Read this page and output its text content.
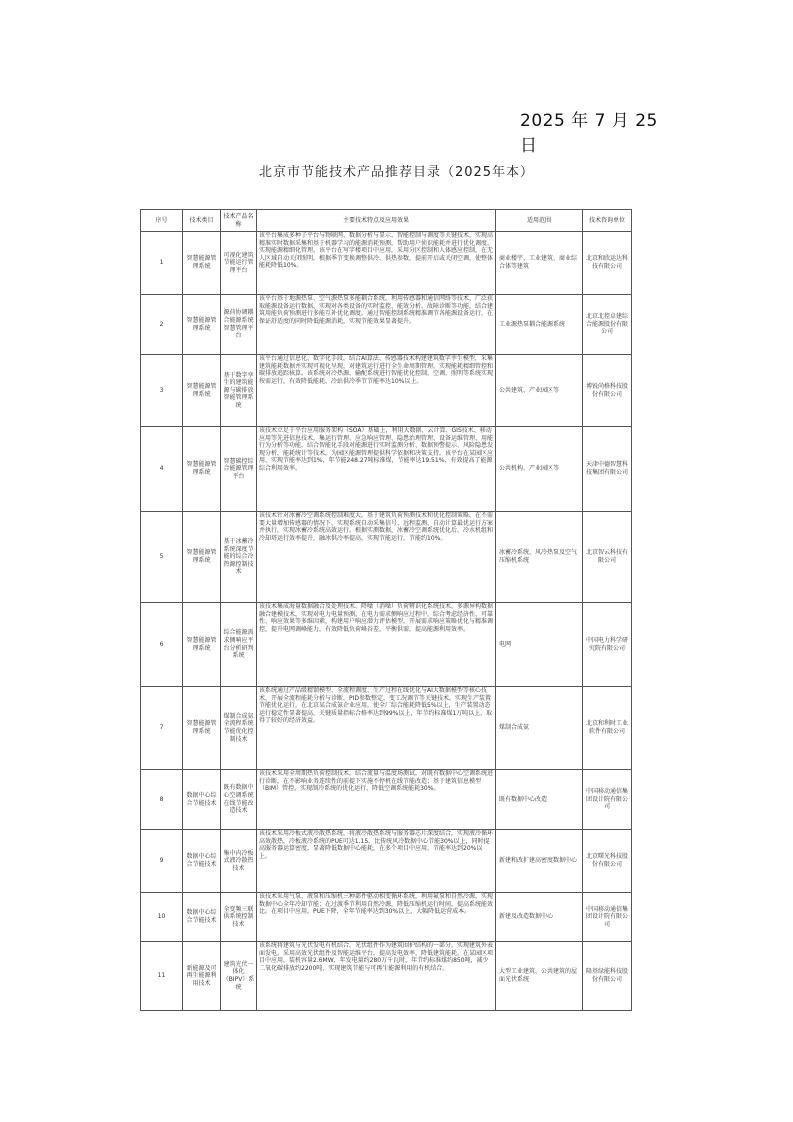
2025 年 7 月 25 日
北京市节能技术产品推荐目录（2025年本）
序号	技术类目	技术产品名称	主要技术特点及应用效果	适用范围	技术咨询单位
1	智慧能源管理系统	可视化建筑节能运行管理平台	该平台集成多种子平台与物联网、数据分析与显示、智能控制与调度等关键技术，实现高精准实时数据采集和基于机器学习的能源消耗预测，帮助用户侦识能耗并进行优化调度，实现能源精细化管理。该平台在写字楼项目中应用，采用分区控制和人体感应控制，在无人区域自动关闭照明，根据季节变换调整供冷、供热参数，提前开启或关闭空调，使整体能耗降低10%。	商业楼宇、工业建筑、商业综合体等建筑	北京和欣运达科技有限公司
2	智慧能源管理系统	源荷协调耦合能源系统智慧管理平台	该平台基于地源热泵、空气源热泵多能耦合系统，利用传感器和通信网络等技术，广泛获取能源设备运行数据，实现对各类设备的实时监控、能效分析、故障诊断等功能，结合建筑用能负荷预测进行多能互补优化调度。通过智能控制系统精准调节各能源设备运行，在保证舒适度的同时降低能源消耗，实现节能效果显著提升。	工业源热泵耦合能源系统	北京北控卓建综合能源股份有限公司
3	智慧能源管理系统	基于数字孪生的建筑能源与碳排放智能管理系统	该平台通过信息化、数字化手段，结合AI算法、传感器技术构建建筑数字孪生模型，采集建筑能耗数据并实现可视化呈现，对建筑运行进行全生命周期管理，实现能耗精细管控和碳排放追踪核算。该系统对冷热源、输配系统进行智能优化控制，空调、照明等系统实现按需运行，有效降低能耗。冷站供冷季节节能率达10%以上。	公共建筑、产业园区等	博锐尚格科技股份有限公司
4	智慧能源管理系统	智慧碳控综合能源管理平台	该技术立足于平台应用服务架构（SOA）基础上，利用大数据、云计算、GIS技术、移动应用等先进信息技术，集运行管理、应急响应管理、隐患治理管理、设备运维管理、用能行为分析等功能，结合智能化手段对能源进行实时监测分析、数据预警提示、风险隐患发现分析，能耗统计等技术，为园区能源管理提供科学依据和决策支持。该平台在某园区应用，实现节能率达到1%，年节能248.27吨标准煤，节能率达19.51%，有效提高了能源综合利用效率。	公共机构、产业园区等	天津中德智慧科技集团有限公司
5	智慧能源管理系统	基于冰蓄冷系统深度节能的综合冷热源控制技术	该技术针对冰蓄冷空调系统控制难度大，基于建筑负荷预测技术和优化控制策略，在不需要大量增加传感器的情况下，实现系统自动采集信号、远程监测、自动计算最优运行方案并执行，实现冰蓄冷系统高效运行。根据实测数据，冰蓄冷空调系统优化后，冷水机组和冷却塔运行效率提升，融冰供冷率提高，实现节能运行，节能约10%。	冰蓄冷系统、风冷热泵及空气压缩机系统	北京智云科技有限公司
6	智慧能源管理系统	综合能源需求侧响应平台分析研判系统	该技术集成海量数据融合及处理技术、降噪（消噪）负荷辨识化系统技术、多源异构数据融合建模技术，实现对电力电量预测。在电力需求侧响应过程中，综合考虑经济性、可靠性、响应效果等多维因素，构建用户响应潜力评估模型，开展需求响应策略优化与精准调控，提升电网调峰能力，有效降低负荷峰谷差，平衡供需，提高能源利用效率。	电网	中国电力科学研究院有限公司
7	智慧能源管理系统	煤制合成氨全流程系统节能优化控制技术	该系统通过产品级精馏模型、全流程调度、生产过程在线优化与AI大数据模型等核心技术，开展全流程能耗分析与诊断，PID参数整定，变工况调节等关键技术，实现生产装置节能优化运行，在北京某合成氨企业应用，使全厂综合能耗降低5%以上，生产装置动态运行稳定性显著提高，关键质量指标合格率达到99%以上，年节约标准煤1万吨以上，取得了较好的经济效益。	煤制合成氨	北京和利时工业软件有限公司
8	数据中心综合节能技术	既有数据中心空调系统在线节能改造技术	该技术采用全周期热负荷控制技术，结合流量与温度场测试，对既有数据中心空调系统进行诊断，在不影响业务连续性的前提下实施不停机在线节能改造；基于建筑信息模型（BIM）管控，实现制冷系统的优化运行，降低空调系统能耗30%。	既有数据中心改造	中国移动通信集团设计院有限公司
9	数据中心综合节能技术	集中内冷板式液冷散热技术	该技术采用冷板式液冷散热系统，将液冷散热系统与服务器芯片深度结合，实现液冷循环高效散热，冷板液冷系统的PUE可达1.15，比传统风冷数据中心节能30%以上，同时提高服务器运算密度，显著降低数据中心能耗，在多个项目中应用，节能率达到20%以上。	新建和改扩建高密度数据中心	北京曙光科技股份有限公司
10	数据中心综合节能技术	全变频三联供系统控制技术	该技术采用气泵、液泵和压缩机三种部件驱动相变循环系统，利用氟泵和自然冷源，实现数据中心全年冷却节能；在过渡季节利用自然冷源，降低压缩机运行时间，提高系统能效比。在项目中应用，PUE下降，全年节能率达到30%以上，大幅降低运营成本。	新建及改造数据中心	中国移动通信集团设计院有限公司
11	新能源及可再生能源利用技术	建筑光伏一体化（BIPV）系统	该系统将建筑与光伏发电有机结合，光伏组件作为建筑围护结构的一部分，实现建筑外表面发电。采用高效光伏组件及智能运维平台，提高发电效率，降低建筑能耗。在某园区项目中应用，装机容量2.6MW，年发电量约280万千瓦时，年节约标准煤约850吨，减少二氧化碳排放约2200吨，实现建筑节能与可再生能源利用的有机结合。	大型工业建筑、公共建筑的屋面光伏系统	隆基绿能科技股份有限公司
